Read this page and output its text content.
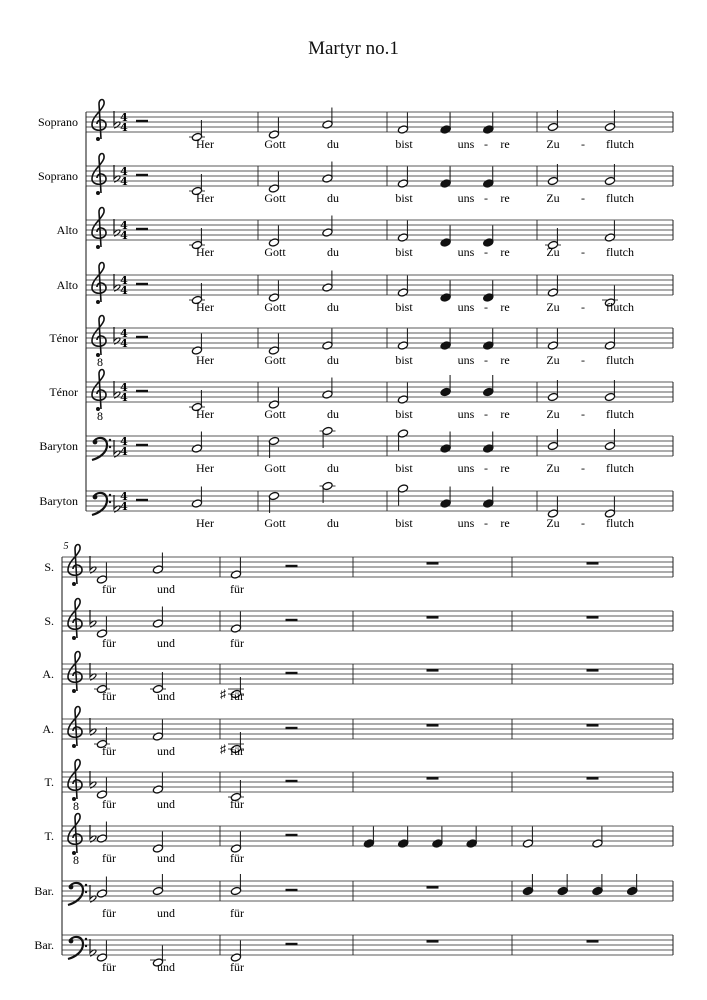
Martyr no.1
Soprano	4
4
Her	Gott	du	bist	uns - re	Zu - flutch
Soprano	4
4
Her	Gott	du	bist	uns - re	Zu - flutch
Alto	4
4
Her	Gott	du	bist	uns - re	Zu - flutch
Alto	4
4
Her	Gott	du	bist	uns - re	Zu - flutch
Ténor
8
4
4
Her	Gott	du	bist	uns - re	Zu - flutch
Ténor
8
4
4
Her	Gott	du	bist	uns - re	Zu - flutch
Baryton	4
4
Her	Gott	du	bist	uns - re	Zu - flutch
Baryton	4
4
Her	Gott	du	bist	uns - re	Zu - flutch
5
S.
für	und	für
S.
für	und	für
A.
♯
für	und	für
A.
♯
für	und	für
T.
8 für	und	für
T.
8 für	und	für
Bar.
für	und	für
Bar.
für	und	für
